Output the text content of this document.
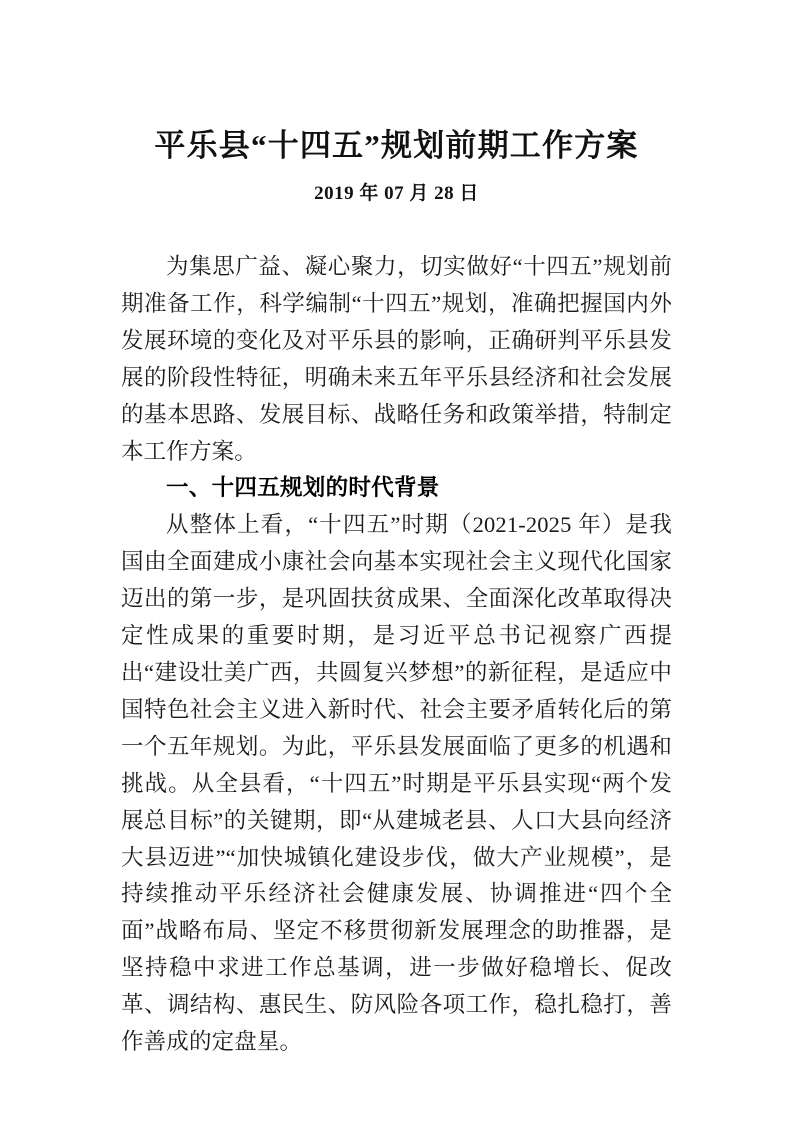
平乐县“十四五”规划前期工作方案
2019 年 07 月 28 日

为集思广益、凝心聚力，切实做好“十四五”规划前期准备工作，科学编制“十四五”规划，准确把握国内外发展环境的变化及对平乐县的影响，正确研判平乐县发展的阶段性特征，明确未来五年平乐县经济和社会发展的基本思路、发展目标、战略任务和政策举措，特制定本工作方案。

一、十四五规划的时代背景

从整体上看，“十四五”时期（2021-2025 年）是我国由全面建成小康社会向基本实现社会主义现代化国家迈出的第一步，是巩固扶贫成果、全面深化改革取得决定性成果的重要时期，是习近平总书记视察广西提出“建设壮美广西，共圆复兴梦想”的新征程，是适应中国特色社会主义进入新时代、社会主要矛盾转化后的第一个五年规划。为此，平乐县发展面临了更多的机遇和挑战。从全县看，“十四五”时期是平乐县实现“两个发展总目标”的关键期，即“从建城老县、人口大县向经济大县迈进”“加快城镇化建设步伐，做大产业规模”，是持续推动平乐经济社会健康发展、协调推进“四个全面”战略布局、坚定不移贯彻新发展理念的助推器，是坚持稳中求进工作总基调，进一步做好稳增长、促改革、调结构、惠民生、防风险各项工作，稳扎稳打，善作善成的定盘星。
